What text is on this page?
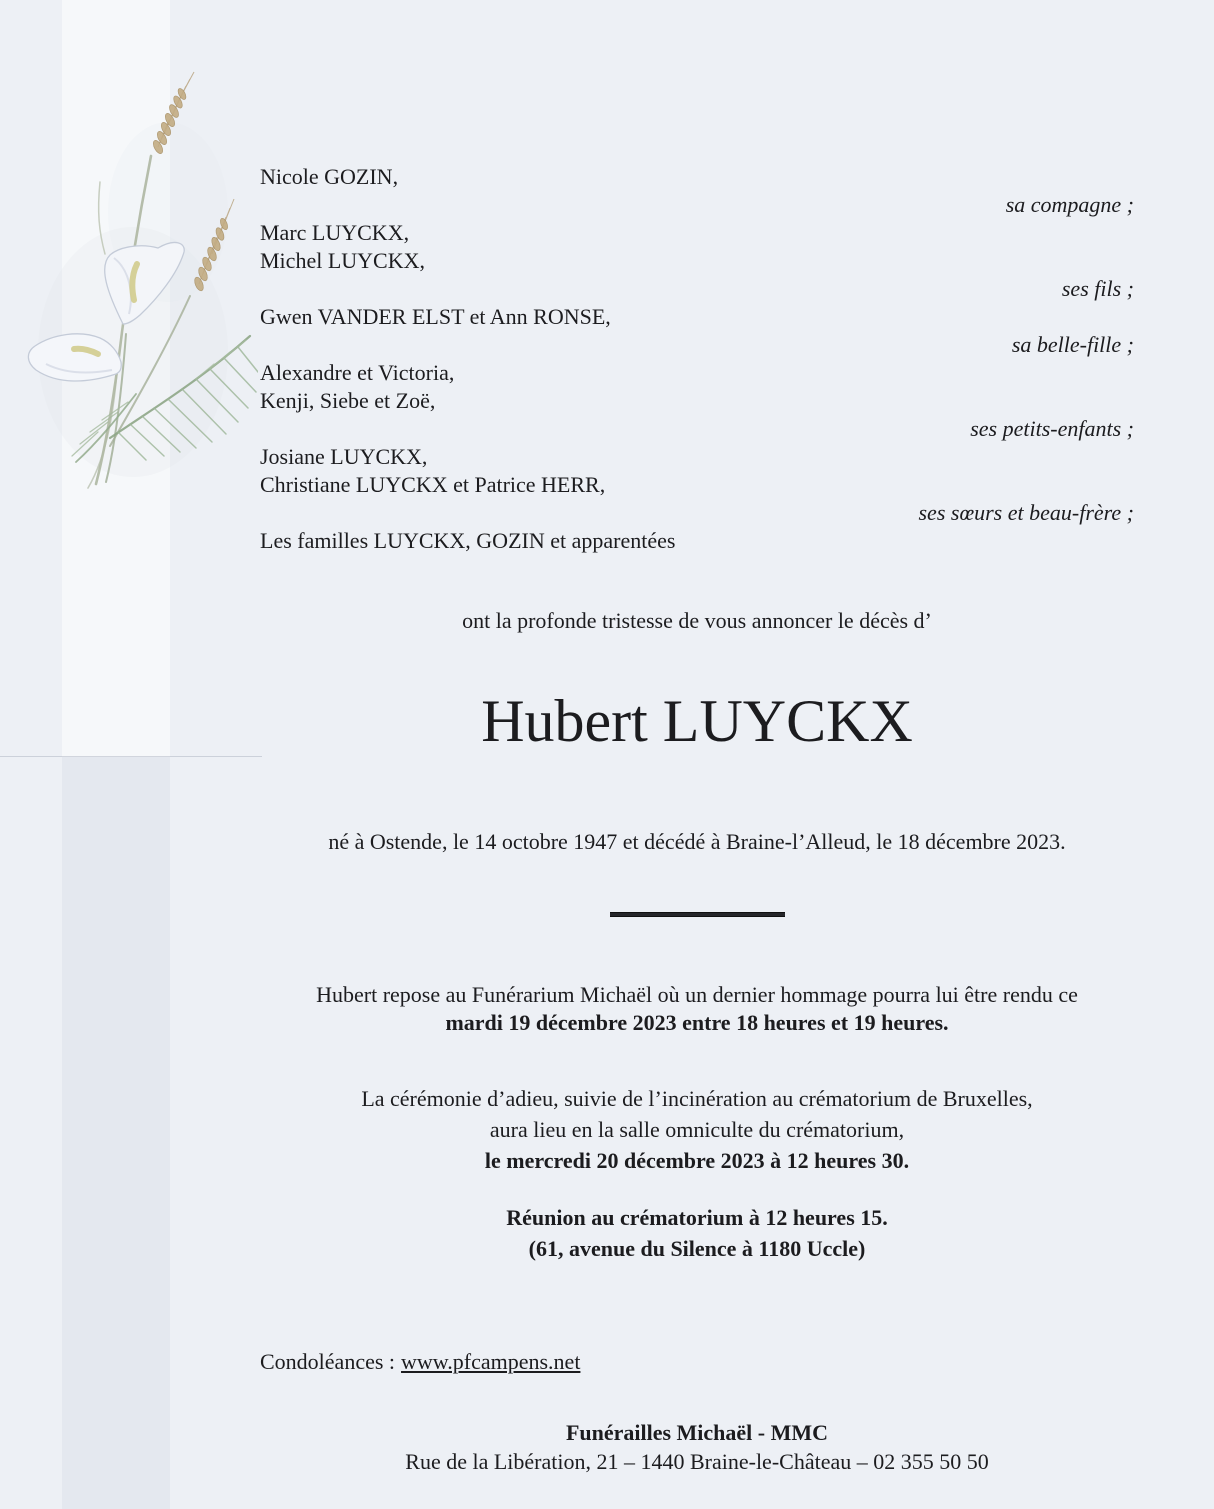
Nicole GOZIN,
sa compagne ;
Marc LUYCKX,
Michel LUYCKX,
ses fils ;
Gwen VANDER ELST et Ann RONSE,
sa belle-fille ;
Alexandre et Victoria,
Kenji, Siebe et Zoë,
ses petits-enfants ;
Josiane LUYCKX,
Christiane LUYCKX et Patrice HERR,
ses sœurs et beau-frère ;
Les familles LUYCKX, GOZIN et apparentées
ont la profonde tristesse de vous annoncer le décès d’
Hubert LUYCKX
né à Ostende, le 14 octobre 1947 et décédé à Braine-l’Alleud, le 18 décembre 2023.
Hubert repose au Funérarium Michaël où un dernier hommage pourra lui être rendu ce
mardi 19 décembre 2023 entre 18 heures et 19 heures.
La cérémonie d’adieu, suivie de l’incinération au crématorium de Bruxelles,
aura lieu en la salle omniculte du crématorium,
le mercredi 20 décembre 2023 à 12 heures 30.
Réunion au crématorium à 12 heures 15.
(61, avenue du Silence à 1180 Uccle)
Condoléances : www.pfcampens.net
Funérailles Michaël - MMC
Rue de la Libération, 21 – 1440 Braine-le-Château – 02 355 50 50
